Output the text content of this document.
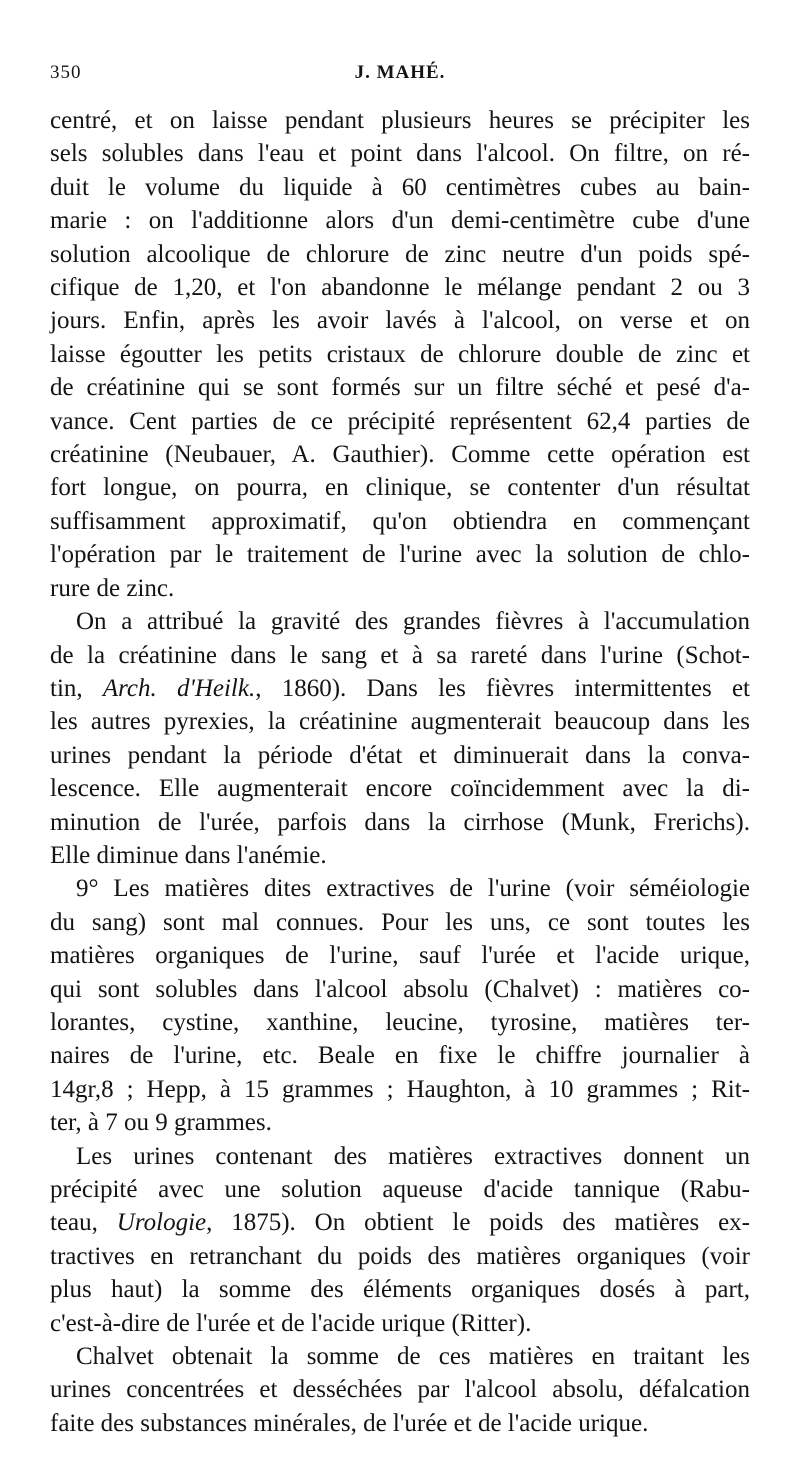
350	J. MAHÉ.

centré, et on laisse pendant plusieurs heures se précipiter les
sels solubles dans l'eau et point dans l'alcool. On filtre, on ré-
duit le volume du liquide à 60 centimètres cubes au bain-
marie : on l'additionne alors d'un demi-centimètre cube d'une
solution alcoolique de chlorure de zinc neutre d'un poids spé-
cifique de 1,20, et l'on abandonne le mélange pendant 2 ou 3
jours. Enfin, après les avoir lavés à l'alcool, on verse et on
laisse égoutter les petits cristaux de chlorure double de zinc et
de créatinine qui se sont formés sur un filtre séché et pesé d'a-
vance. Cent parties de ce précipité représentent 62,4 parties de
créatinine (Neubauer, A. Gauthier). Comme cette opération est
fort longue, on pourra, en clinique, se contenter d'un résultat
suffisamment approximatif, qu'on obtiendra en commençant
l'opération par le traitement de l'urine avec la solution de chlo-
rure de zinc.

On a attribué la gravité des grandes fièvres à l'accumulation
de la créatinine dans le sang et à sa rareté dans l'urine (Schot-
tin, Arch. d'Heilk., 1860). Dans les fièvres intermittentes et
les autres pyrexies, la créatinine augmenterait beaucoup dans les
urines pendant la période d'état et diminuerait dans la conva-
lescence. Elle augmenterait encore coïncidemment avec la di-
minution de l'urée, parfois dans la cirrhose (Munk, Frerichs).
Elle diminue dans l'anémie.

9° Les matières dites extractives de l'urine (voir séméiologie
du sang) sont mal connues. Pour les uns, ce sont toutes les
matières organiques de l'urine, sauf l'urée et l'acide urique,
qui sont solubles dans l'alcool absolu (Chalvet) : matières co-
lorantes, cystine, xanthine, leucine, tyrosine, matières ter-
naires de l'urine, etc. Beale en fixe le chiffre journalier à
14gr,8 ; Hepp, à 15 grammes ; Haughton, à 10 grammes ; Rit-
ter, à 7 ou 9 grammes.

Les urines contenant des matières extractives donnent un
précipité avec une solution aqueuse d'acide tannique (Rabu-
teau, Urologie, 1875). On obtient le poids des matières ex-
tractives en retranchant du poids des matières organiques (voir
plus haut) la somme des éléments organiques dosés à part,
c'est-à-dire de l'urée et de l'acide urique (Ritter).

Chalvet obtenait la somme de ces matières en traitant les
urines concentrées et desséchées par l'alcool absolu, défalcation
faite des substances minérales, de l'urée et de l'acide urique.
